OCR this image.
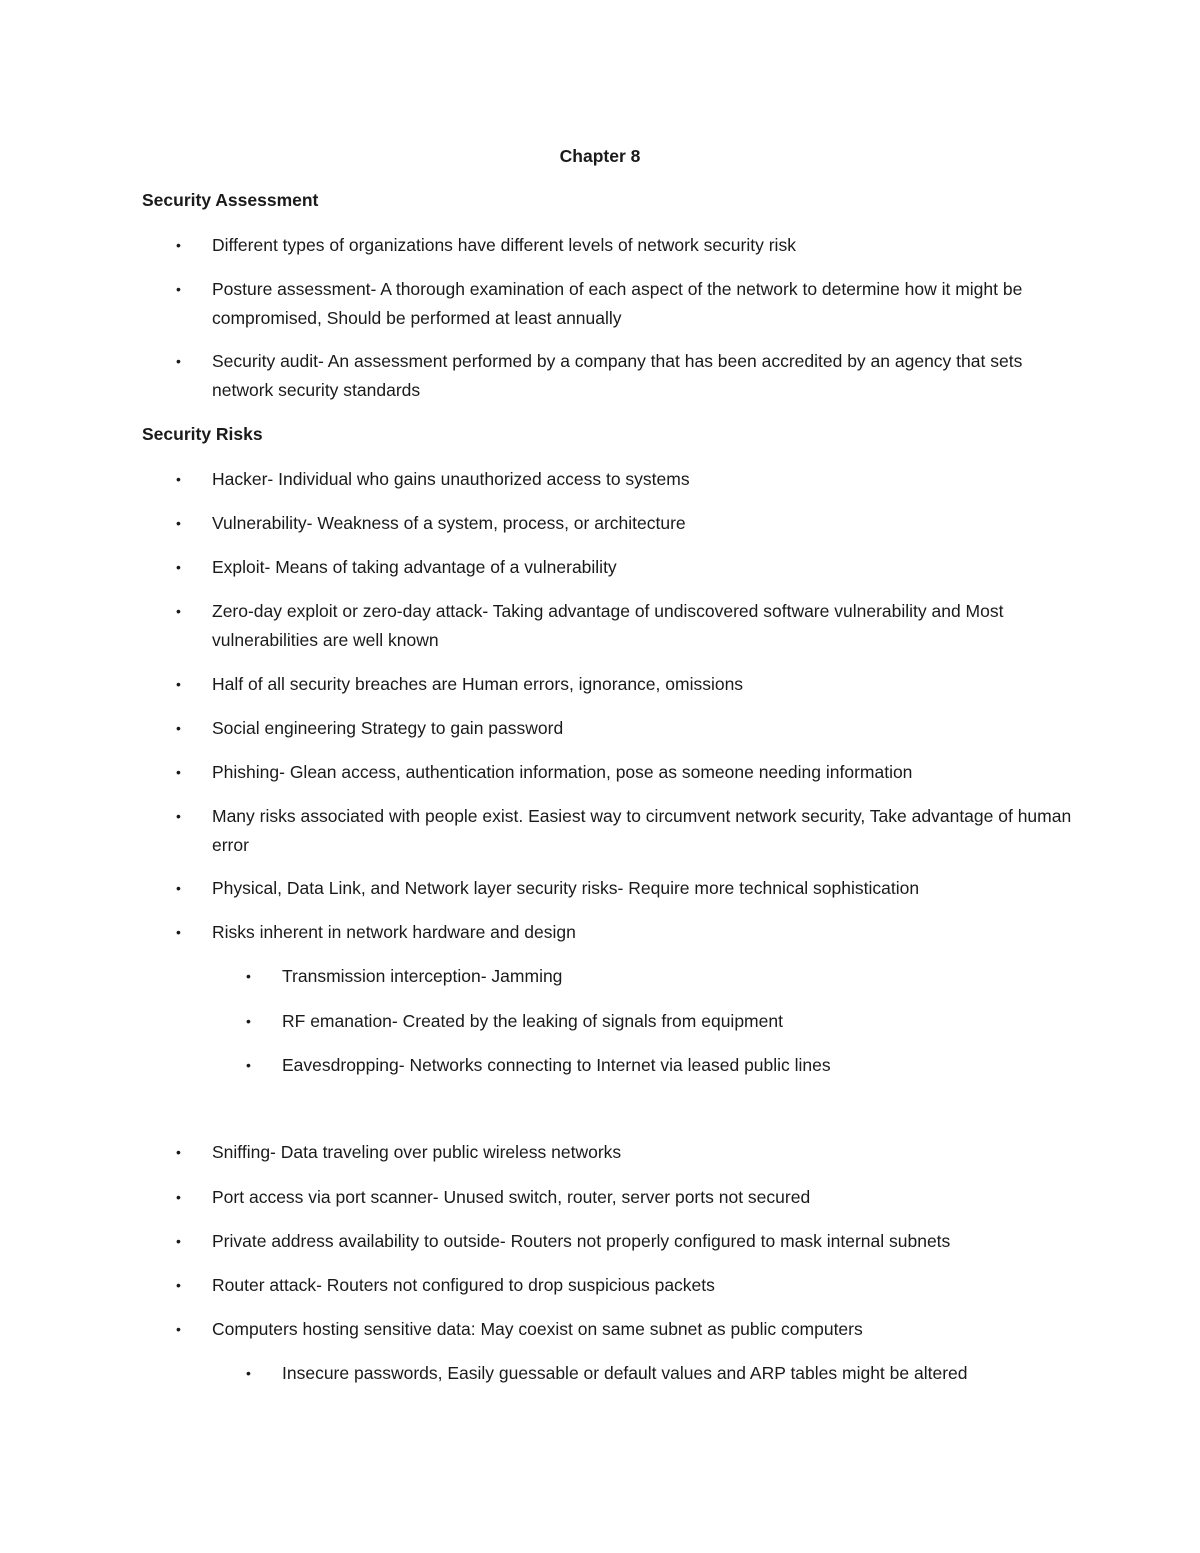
Chapter 8
Security Assessment
• Different types of organizations have different levels of network security risk
• Posture assessment- A thorough examination of each aspect of the network to determine how it might be compromised, Should be performed at least annually
• Security audit- An assessment performed by a company that has been accredited by an agency that sets network security standards
Security Risks
• Hacker- Individual who gains unauthorized access to systems
• Vulnerability- Weakness of a system, process, or architecture
• Exploit- Means of taking advantage of a vulnerability
• Zero-day exploit or zero-day attack- Taking advantage of undiscovered software vulnerability and Most vulnerabilities are well known
• Half of all security breaches are Human errors, ignorance, omissions
• Social engineering Strategy to gain password
• Phishing- Glean access, authentication information, pose as someone needing information
• Many risks associated with people exist. Easiest way to circumvent network security, Take advantage of human error
• Physical, Data Link, and Network layer security risks- Require more technical sophistication
• Risks inherent in network hardware and design
• Transmission interception- Jamming
• RF emanation- Created by the leaking of signals from equipment
• Eavesdropping- Networks connecting to Internet via leased public lines
• Sniffing- Data traveling over public wireless networks
• Port access via port scanner- Unused switch, router, server ports not secured
• Private address availability to outside- Routers not properly configured to mask internal subnets
• Router attack- Routers not configured to drop suspicious packets
• Computers hosting sensitive data: May coexist on same subnet as public computers
• Insecure passwords, Easily guessable or default values and ARP tables might be altered
